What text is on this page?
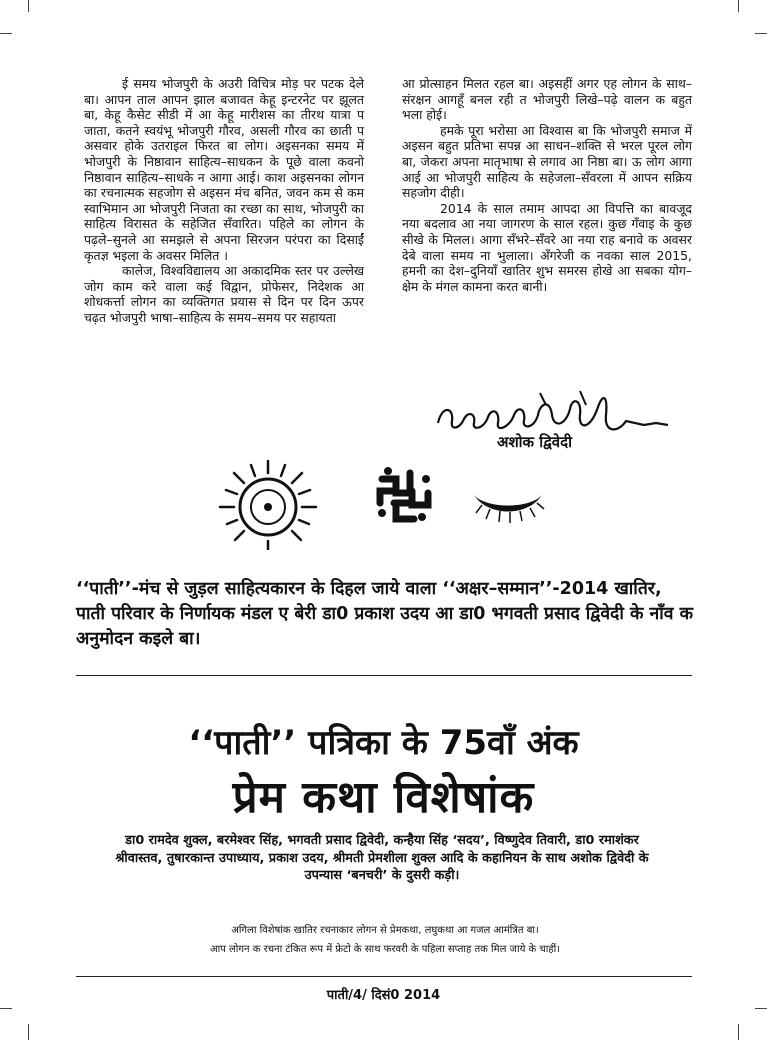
ई समय भोजपुरी के अउरी विचित्र मोड़ पर पटक देले बा। आपन ताल आपन झाल बजावत केहू इन्टरनेट पर झूलत बा, केहू कैसेट सीडी में आ केहू मारीशस का तीरथ यात्रा प जाता, कतने स्वयंभू भोजपुरी गौरव, असली गौरव का छाती प असवार होके उतराइल फिरत बा लोग। अइसनका समय में भोजपुरी के निष्ठावान साहित्य–साधकन के पूछे वाला कवनो निष्ठावान साहित्य–साधके न आगा आई। काश अइसनका लोगन का रचनात्मक सहजोग से अइसन मंच बनित, जवन कम से कम स्वाभिमान आ भोजपुरी निजता का रच्छा का साथ, भोजपुरी का साहित्य विरासत के सहेजित सँवारित। पहिले का लोगन के पढ़ले–सुनले आ समझले से अपना सिरजन परंपरा का दिसाईं कृतज्ञ भइला के अवसर मिलित ।

कालेज, विश्वविद्यालय आ अकादमिक स्तर पर उल्लेख जोग काम करे वाला कई विद्वान, प्रोफेसर, निदेशक आ शोधकर्त्ता लोगन का व्यक्तिगत प्रयास से दिन पर दिन ऊपर चढ़त भोजपुरी भाषा–साहित्य के समय–समय पर सहायता

आ प्रोत्साहन मिलत रहल बा। अइसहीं अगर एह लोगन के साथ–संरक्षन आगहूँ बनल रही त भोजपुरी लिखे–पढ़े वालन क बहुत भला होई।

हमके पूरा भरोसा आ विश्वास बा कि भोजपुरी समाज में अइसन बहुत प्रतिभा सपन्न आ साधन–शक्ति से भरल पूरल लोग बा, जेकरा अपना मातृभाषा से लगाव आ निष्ठा बा। ऊ लोग आगा आई आ भोजपुरी साहित्य के सहेजला–सँवरला में आपन सक्रिय सहजोग दीही।

2014 के साल तमाम आपदा आ विपत्ति का बावजूद नया बदलाव आ नया जागरण के साल रहल। कुछ गँवाइ के कुछ सीखे के मिलल। आगा सँभरे–सँवरे आ नया राह बनावे क अवसर देबे वाला समय ना भुलाला। अँगरेजी क नवका साल 2015, हमनी का देश–दुनियाँ खातिर शुभ समरस होखे आ सबका योग–क्षेम के मंगल कामना करत बानी।

अशोक द्विवेदी
‘‘पाती’’-मंच से जुड़ल साहित्यकारन के दिहल जाये वाला ‘‘अक्षर–सम्मान’’-2014 खातिर, पाती परिवार के निर्णायक मंडल ए बेरी डा0 प्रकाश उदय आ डा0 भगवती प्रसाद द्विवेदी के नाँव क अनुमोदन कइले बा।
‘‘पाती’’ पत्रिका के 75वाँ अंक
प्रेम कथा विशेषांक
डा0 रामदेव शुक्ल, बरमेश्वर सिंह, भगवती प्रसाद द्विवेदी, कन्हैया सिंह ‘सदय’, विष्णुदेव तिवारी, डा0 रमाशंकर श्रीवास्तव, तुषारकान्त उपाध्याय, प्रकाश उदय, श्रीमती प्रेमशीला शुक्ल आदि के कहानियन के साथ अशोक द्विवेदी के उपन्यास ‘बनचरी’ के दुसरी कड़ी।
अगिला विशेषांक खातिर रचनाकार लोगन से प्रेमकथा, लघुकथा आ गजल आमंत्रित बा।
आप लोगन क रचना टंकित रूप में फ्रेटो के साथ फरवरी के पहिला सप्ताह तक मिल जाये के चाहीं।
पाती/4/ दिसं0 2014
